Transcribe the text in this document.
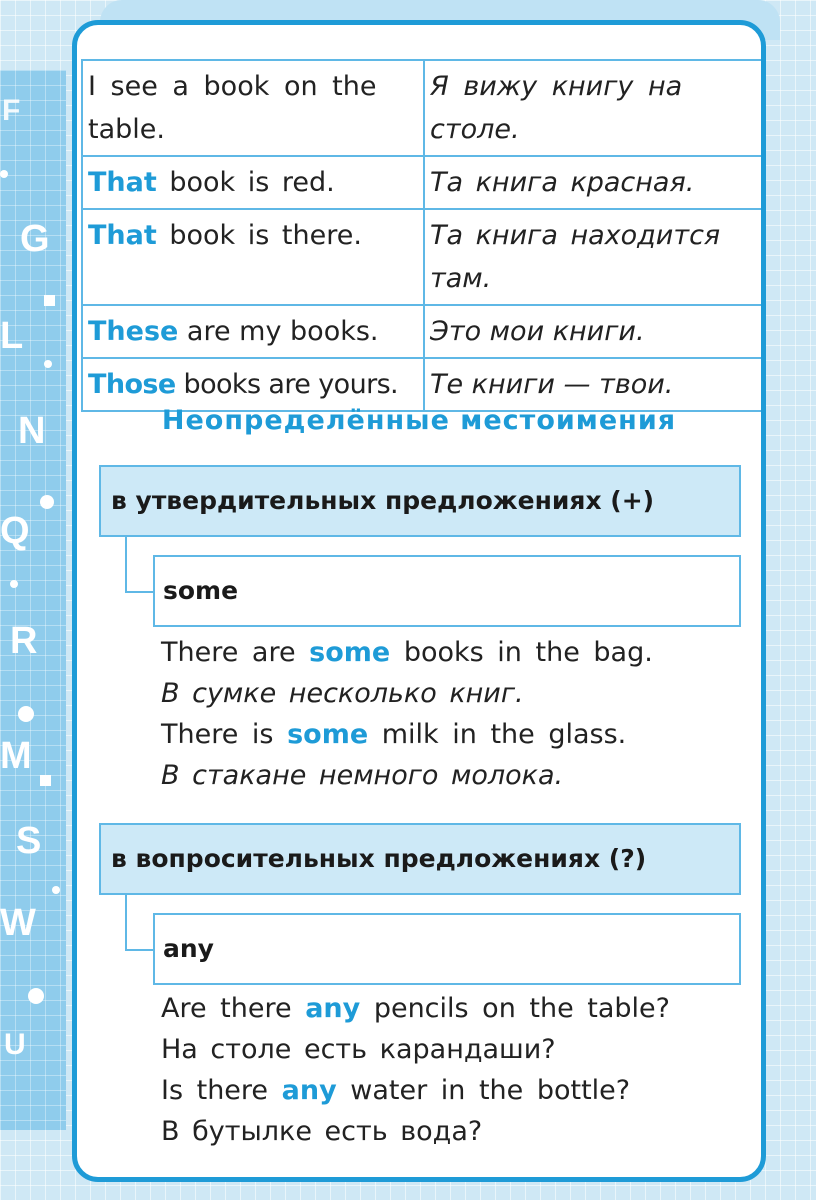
F
G
L
N
Q
R
M
S
W
U
I see a book on the table.	Я вижу книгу на столе.
That book is red.	Та книга красная.
That book is there.	Та книга находится там.
These are my books.	Это мои книги.
Those books are yours.	Те книги — твои.
Неопределённые местоимения
в утвердительных предложениях (+)
some
There are some books in the bag.
В сумке несколько книг.
There is some milk in the glass.
В стакане немного молока.
в вопросительных предложениях (?)
any
Are there any pencils on the table?
На столе есть карандаши?
Is there any water in the bottle?
В бутылке есть вода?
